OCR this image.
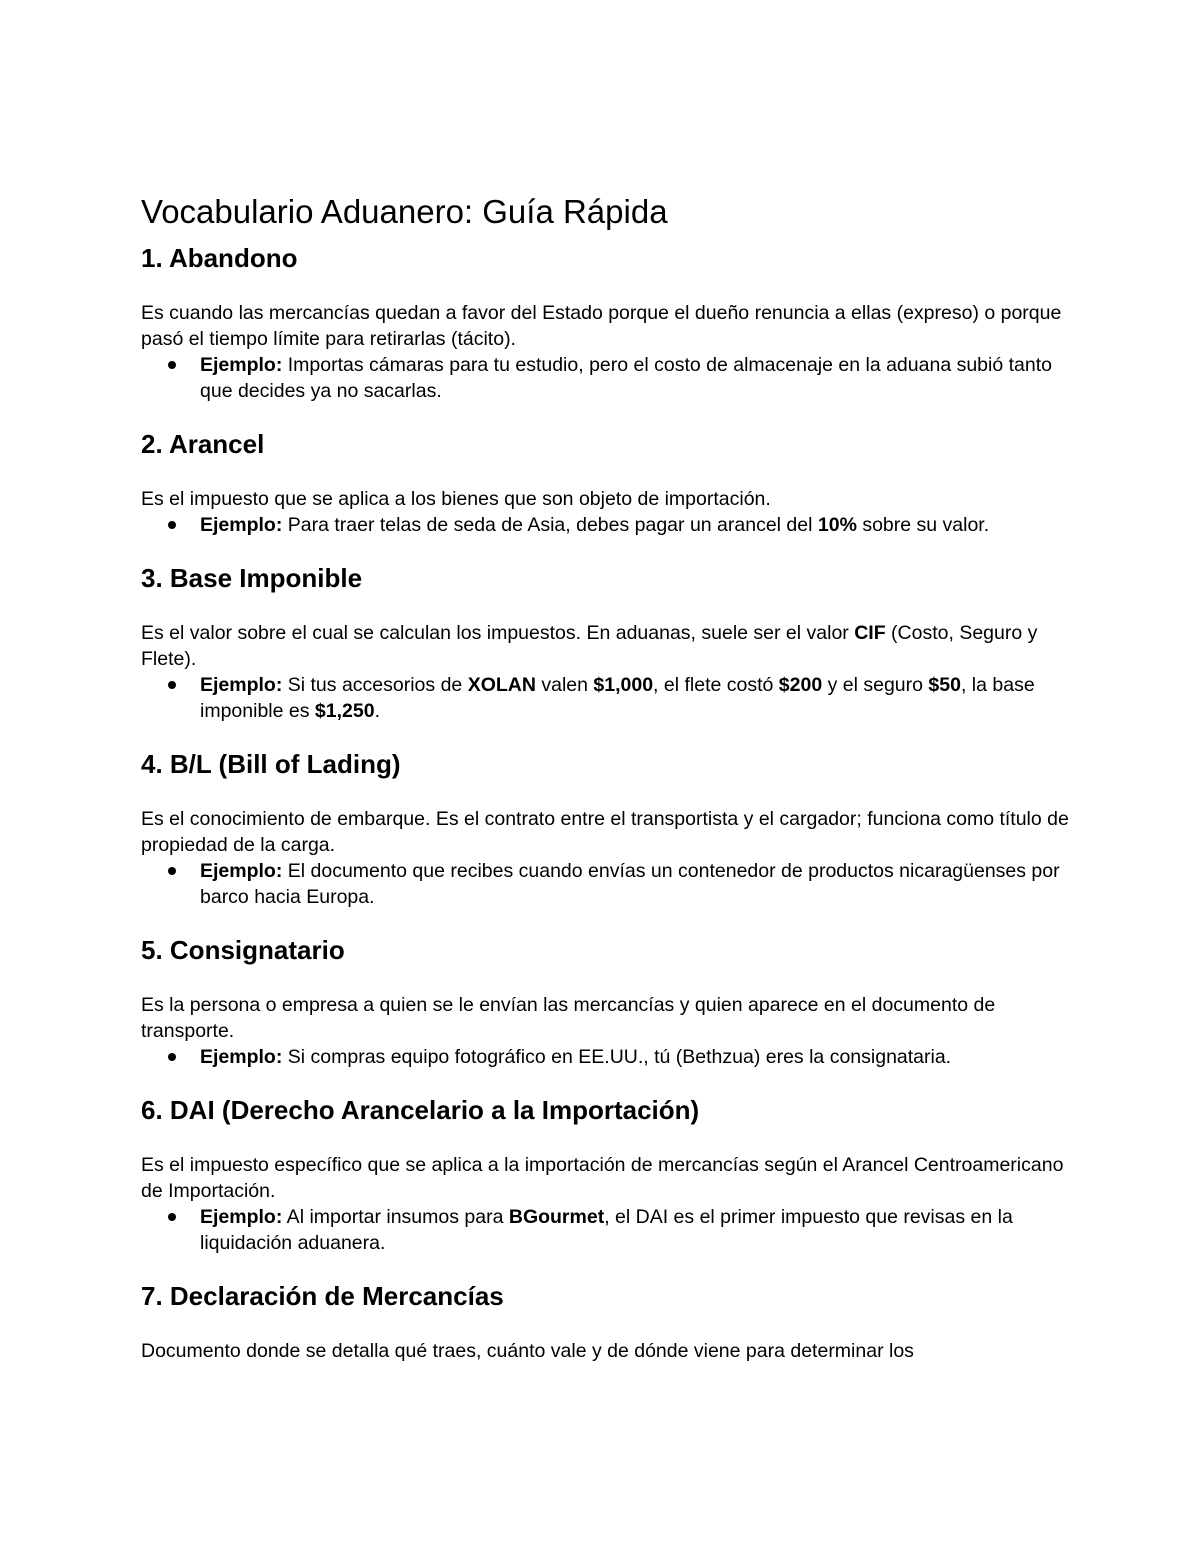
Vocabulario Aduanero: Guía Rápida
1. Abandono

Es cuando las mercancías quedan a favor del Estado porque el dueño renuncia a ellas (expreso) o porque pasó el tiempo límite para retirarlas (tácito).

Ejemplo: Importas cámaras para tu estudio, pero el costo de almacenaje en la aduana subió tanto que decides ya no sacarlas.
2. Arancel

Es el impuesto que se aplica a los bienes que son objeto de importación.

Ejemplo: Para traer telas de seda de Asia, debes pagar un arancel del 10% sobre su valor.
3. Base Imponible

Es el valor sobre el cual se calculan los impuestos. En aduanas, suele ser el valor CIF (Costo, Seguro y Flete).

Ejemplo: Si tus accesorios de XOLAN valen $1,000, el flete costó $200 y el seguro $50, la base imponible es $1,250.
4. B/L (Bill of Lading)

Es el conocimiento de embarque. Es el contrato entre el transportista y el cargador; funciona como título de propiedad de la carga.

Ejemplo: El documento que recibes cuando envías un contenedor de productos nicaragüenses por barco hacia Europa.
5. Consignatario

Es la persona o empresa a quien se le envían las mercancías y quien aparece en el documento de transporte.

Ejemplo: Si compras equipo fotográfico en EE.UU., tú (Bethzua) eres la consignataria.
6. DAI (Derecho Arancelario a la Importación)

Es el impuesto específico que se aplica a la importación de mercancías según el Arancel Centroamericano de Importación.

Ejemplo: Al importar insumos para BGourmet, el DAI es el primer impuesto que revisas en la liquidación aduanera.
7. Declaración de Mercancías

Documento donde se detalla qué traes, cuánto vale y de dónde viene para determinar los
